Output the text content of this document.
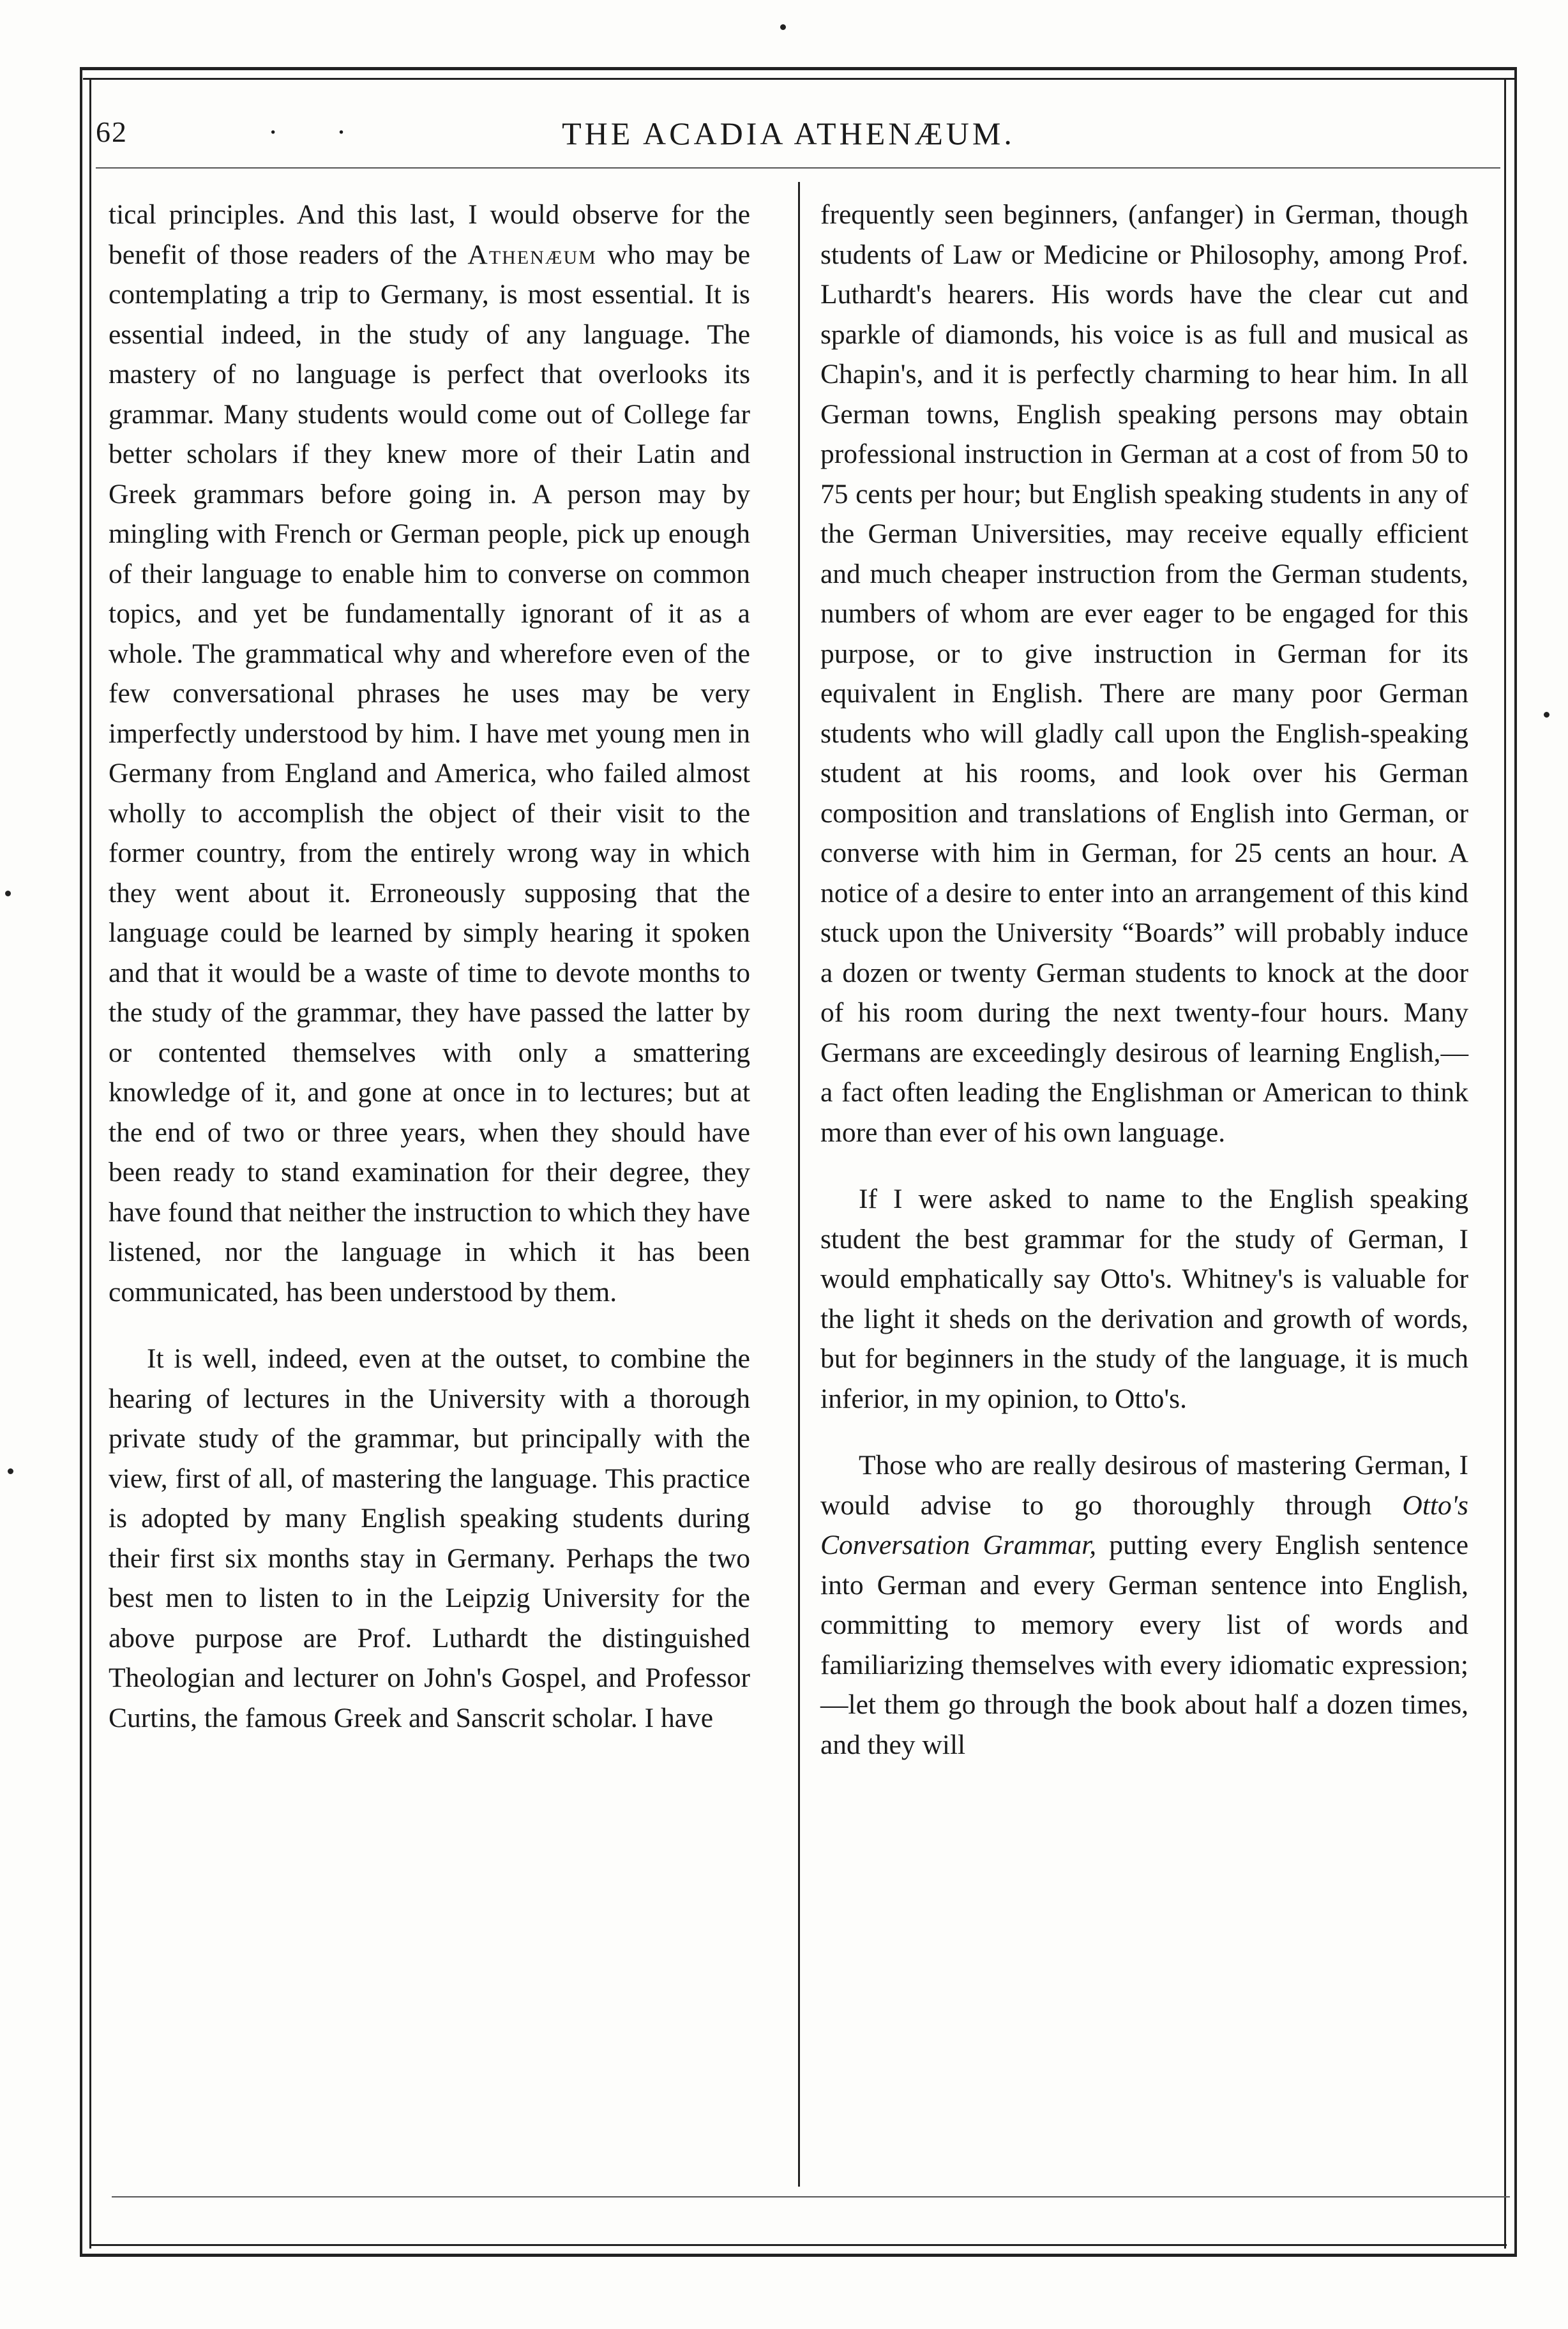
62	· ·	THE ACADIA ATHENÆUM.

tical principles. And this last, I would observe for the benefit of those readers of the Athenæum who may be contemplating a trip to Germany, is most essential. It is essential indeed, in the study of any language. The mastery of no language is perfect that overlooks its grammar. Many students would come out of College far better scholars if they knew more of their Latin and Greek grammars before going in. A person may by mingling with French or German people, pick up enough of their language to enable him to converse on common topics, and yet be fundamentally ignorant of it as a whole. The grammatical why and wherefore even of the few conversational phrases he uses may be very imperfectly understood by him. I have met young men in Germany from England and America, who failed almost wholly to accomplish the object of their visit to the former country, from the entirely wrong way in which they went about it. Erroneously supposing that the language could be learned by simply hearing it spoken and that it would be a waste of time to devote months to the study of the grammar, they have passed the latter by or contented themselves with only a smattering knowledge of it, and gone at once in to lectures; but at the end of two or three years, when they should have been ready to stand examination for their degree, they have found that neither the instruction to which they have listened, nor the language in which it has been communicated, has been understood by them.

It is well, indeed, even at the outset, to combine the hearing of lectures in the University with a thorough private study of the grammar, but principally with the view, first of all, of mastering the language. This practice is adopted by many English speaking students during their first six months stay in Germany. Perhaps the two best men to listen to in the Leipzig University for the above purpose are Prof. Luthardt the distinguished Theologian and lecturer on John's Gospel, and Professor Curtins, the famous Greek and Sanscrit scholar. I have

frequently seen beginners, (anfanger) in German, though students of Law or Medicine or Philosophy, among Prof. Luthardt's hearers. His words have the clear cut and sparkle of diamonds, his voice is as full and musical as Chapin's, and it is perfectly charming to hear him. In all German towns, English speaking persons may obtain professional instruction in German at a cost of from 50 to 75 cents per hour; but English speaking students in any of the German Universities, may receive equally efficient and much cheaper instruction from the German students, numbers of whom are ever eager to be engaged for this purpose, or to give instruction in German for its equivalent in English. There are many poor German students who will gladly call upon the English-speaking student at his rooms, and look over his German composition and translations of English into German, or converse with him in German, for 25 cents an hour. A notice of a desire to enter into an arrangement of this kind stuck upon the University “Boards” will probably induce a dozen or twenty German students to knock at the door of his room during the next twenty-four hours. Many Germans are exceedingly desirous of learning English,—a fact often leading the Englishman or American to think more than ever of his own language.

If I were asked to name to the English speaking student the best grammar for the study of German, I would emphatically say Otto's. Whitney's is valuable for the light it sheds on the derivation and growth of words, but for beginners in the study of the language, it is much inferior, in my opinion, to Otto's.

Those who are really desirous of mastering German, I would advise to go thoroughly through Otto's Conversation Grammar, putting every English sentence into German and every German sentence into English, committing to memory every list of words and familiarizing themselves with every idiomatic expression;—let them go through the book about half a dozen times, and they will
